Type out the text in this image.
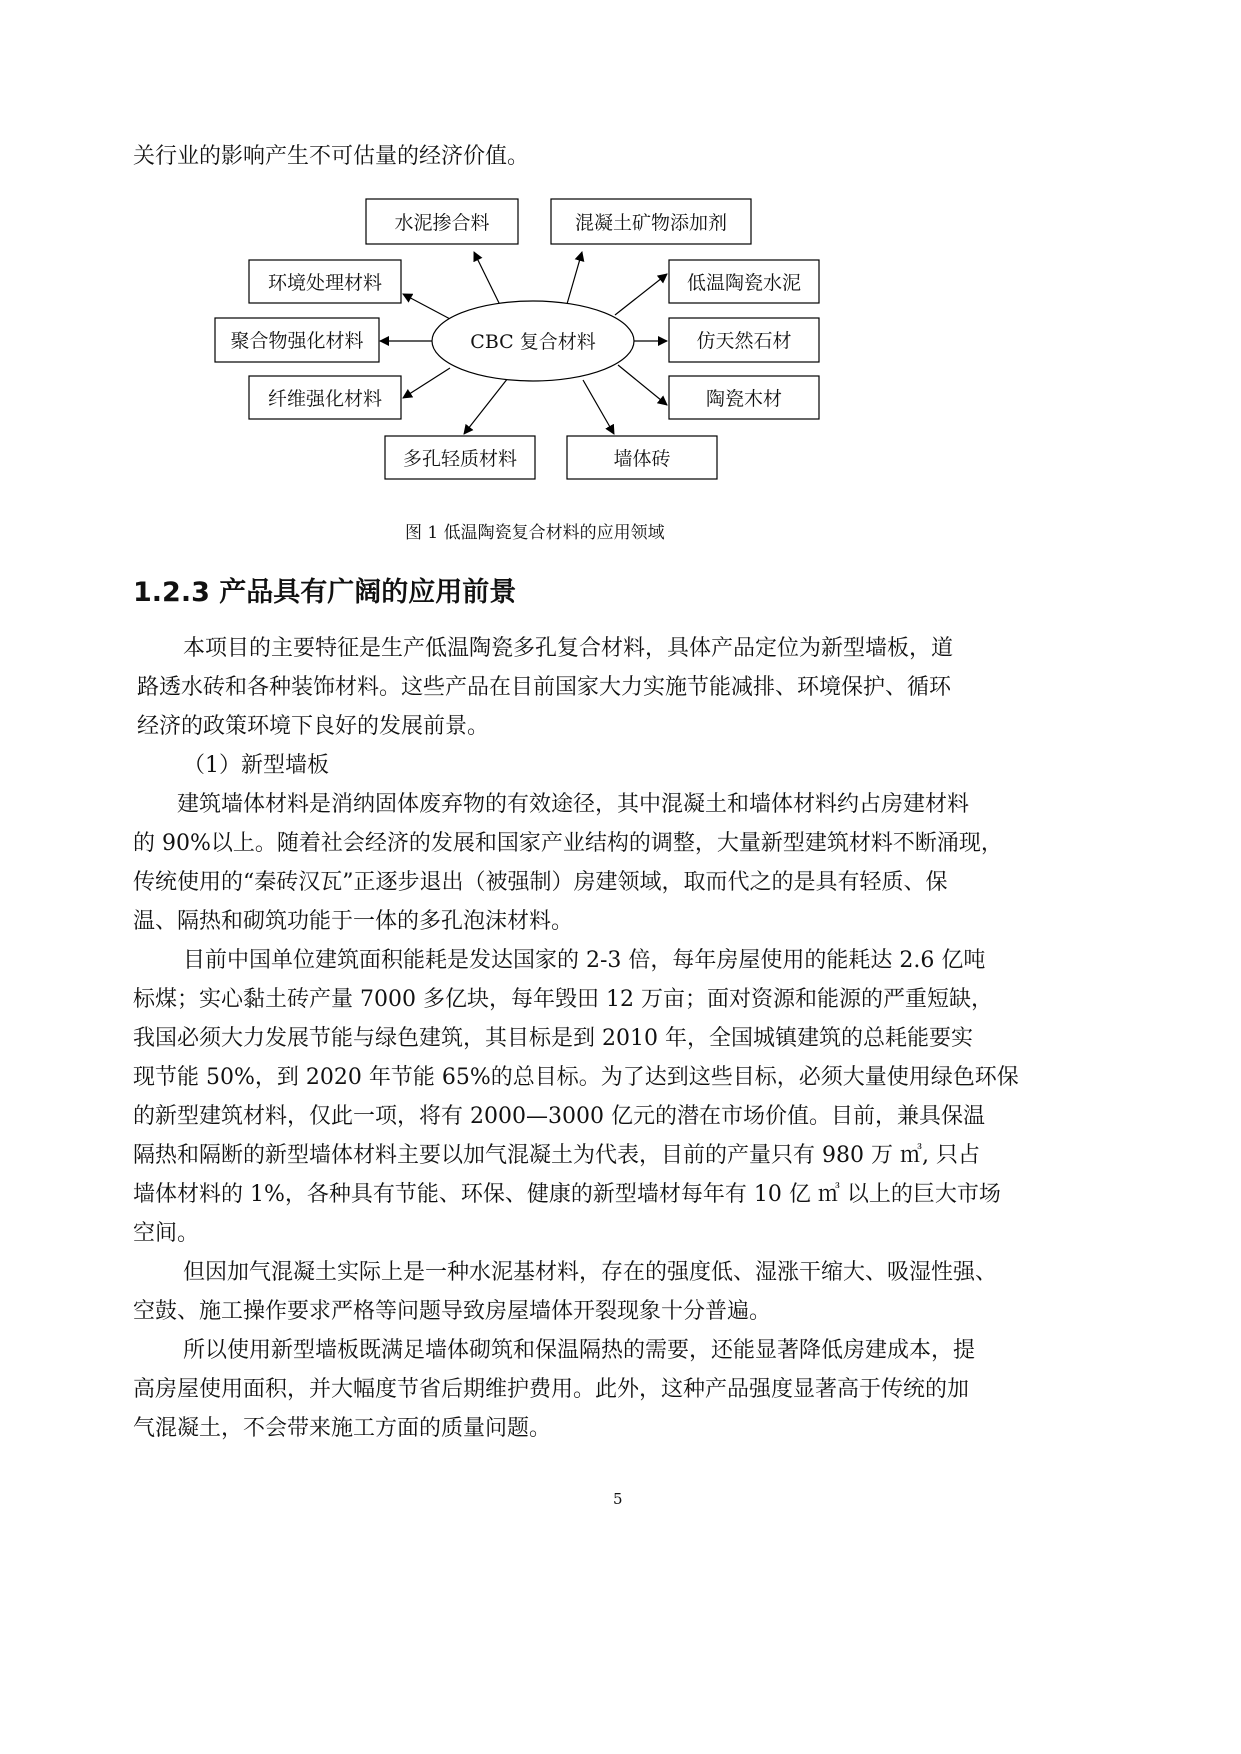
关行业的影响产生不可估量的经济价值。
CBC 复合材料
水泥掺合料	混凝土矿物添加剂
环境处理材料	低温陶瓷水泥
聚合物强化材料	仿天然石材
纤维强化材料	陶瓷木材
多孔轻质材料	墙体砖
图 1 低温陶瓷复合材料的应用领域
1.2.3 产品具有广阔的应用前景
本项目的主要特征是生产低温陶瓷多孔复合材料，具体产品定位为新型墙板，道
路透水砖和各种装饰材料。这些产品在目前国家大力实施节能减排、环境保护、循环
经济的政策环境下良好的发展前景。
（1）新型墙板
建筑墙体材料是消纳固体废弃物的有效途径，其中混凝土和墙体材料约占房建材料
的 90%以上。随着社会经济的发展和国家产业结构的调整，大量新型建筑材料不断涌现，
传统使用的“秦砖汉瓦”正逐步退出（被强制）房建领域，取而代之的是具有轻质、保
温、隔热和砌筑功能于一体的多孔泡沫材料。
目前中国单位建筑面积能耗是发达国家的 2-3 倍，每年房屋使用的能耗达 2.6 亿吨
标煤；实心黏土砖产量 7000 多亿块，每年毁田 12 万亩；面对资源和能源的严重短缺，
我国必须大力发展节能与绿色建筑，其目标是到 2010 年，全国城镇建筑的总耗能要实
现节能 50%，到 2020 年节能 65%的总目标。为了达到这些目标，必须大量使用绿色环保
的新型建筑材料，仅此一项，将有 2000—3000 亿元的潜在市场价值。目前，兼具保温
隔热和隔断的新型墙体材料主要以加气混凝土为代表，目前的产量只有 980 万 ㎥, 只占
墙体材料的 1%，各种具有节能、环保、健康的新型墙材每年有 10 亿 ㎥ 以上的巨大市场
空间。
但因加气混凝土实际上是一种水泥基材料，存在的强度低、湿涨干缩大、吸湿性强、
空鼓、施工操作要求严格等问题导致房屋墙体开裂现象十分普遍。
所以使用新型墙板既满足墙体砌筑和保温隔热的需要，还能显著降低房建成本，提
高房屋使用面积，并大幅度节省后期维护费用。此外，这种产品强度显著高于传统的加
气混凝土，不会带来施工方面的质量问题。
5
